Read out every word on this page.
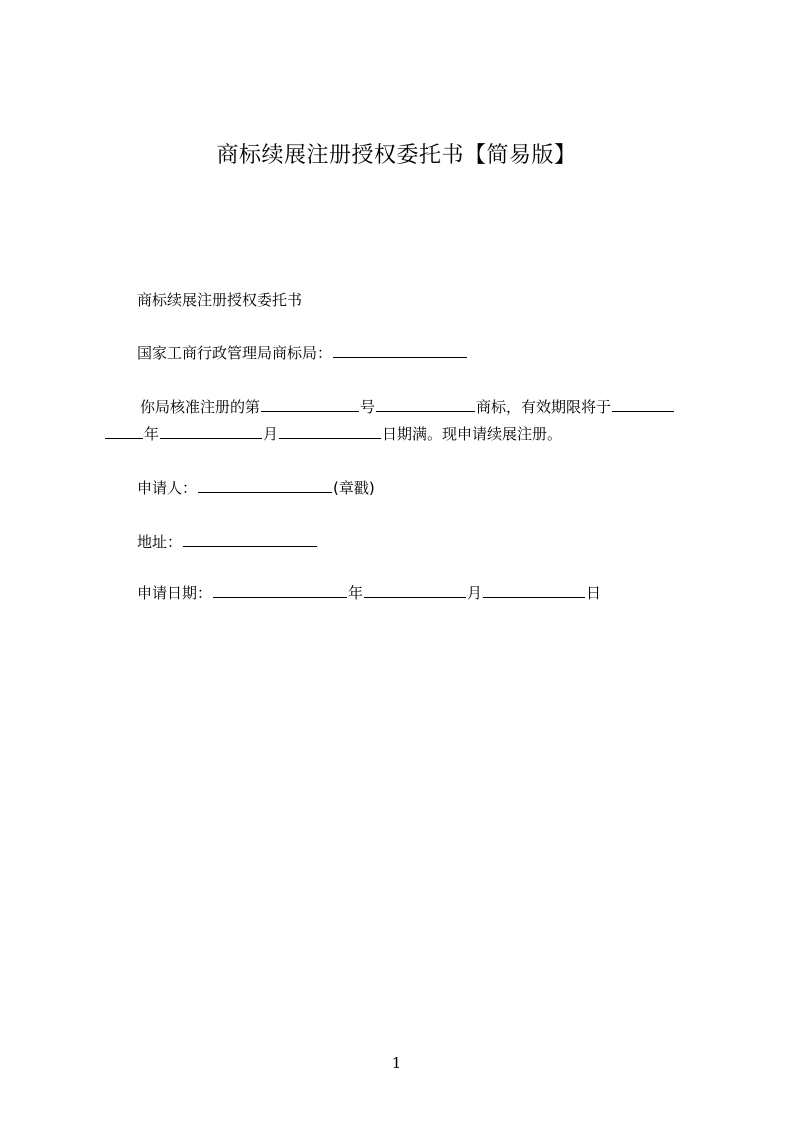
商标续展注册授权委托书【简易版】
商标续展注册授权委托书
国家工商行政管理局商标局：
你局核准注册的第	号	商标，有效期限将于
年	月	日期满。现申请续展注册。
申请人：	(章戳)
地址：
申请日期：	年	月	日
1
